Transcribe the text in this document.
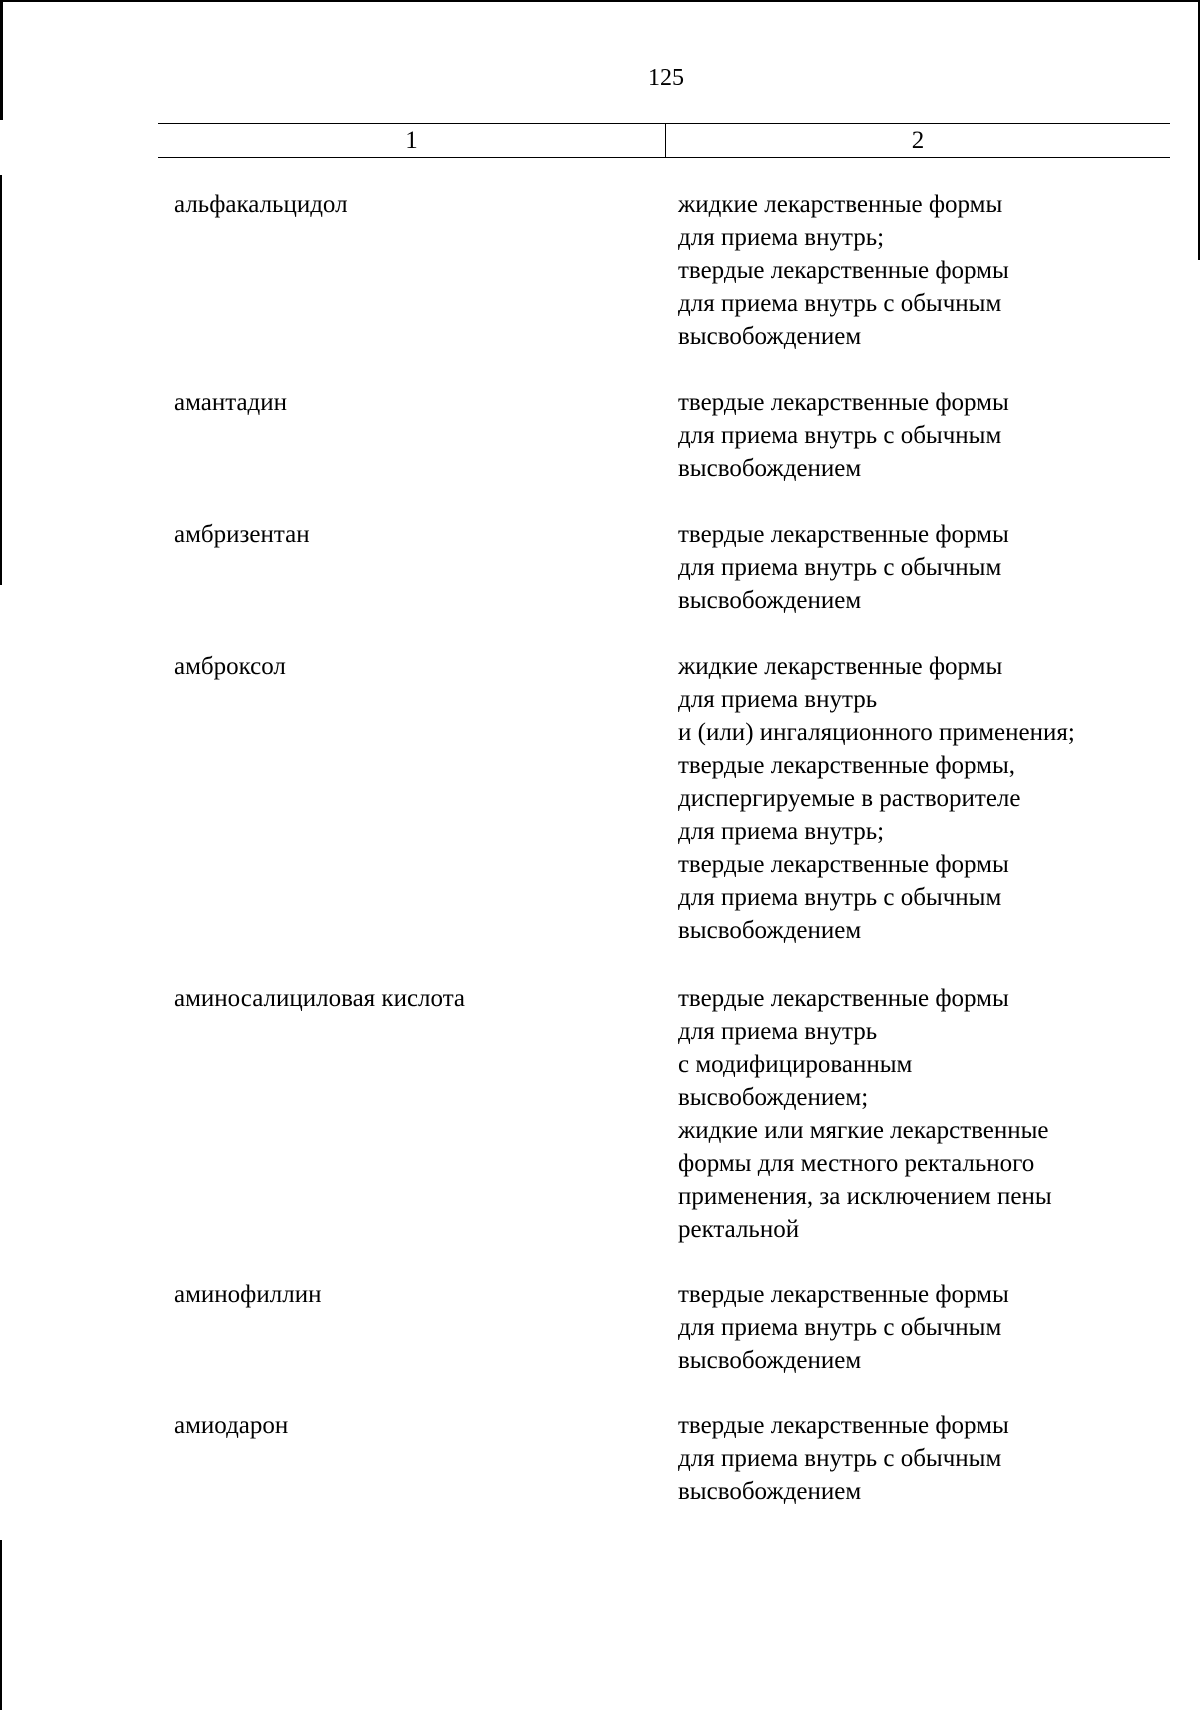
125
1	2
альфакальцидол	жидкие лекарственные формы
для приема внутрь;
твердые лекарственные формы
для приема внутрь с обычным
высвобождением
амантадин	твердые лекарственные формы
для приема внутрь с обычным
высвобождением
амбризентан	твердые лекарственные формы
для приема внутрь с обычным
высвобождением
амброксол	жидкие лекарственные формы
для приема внутрь
и (или) ингаляционного применения;
твердые лекарственные формы,
диспергируемые в растворителе
для приема внутрь;
твердые лекарственные формы
для приема внутрь с обычным
высвобождением
аминосалициловая кислота	твердые лекарственные формы
для приема внутрь
с модифицированным
высвобождением;
жидкие или мягкие лекарственные
формы для местного ректального
применения, за исключением пены
ректальной
аминофиллин	твердые лекарственные формы
для приема внутрь с обычным
высвобождением
амиодарон	твердые лекарственные формы
для приема внутрь с обычным
высвобождением
